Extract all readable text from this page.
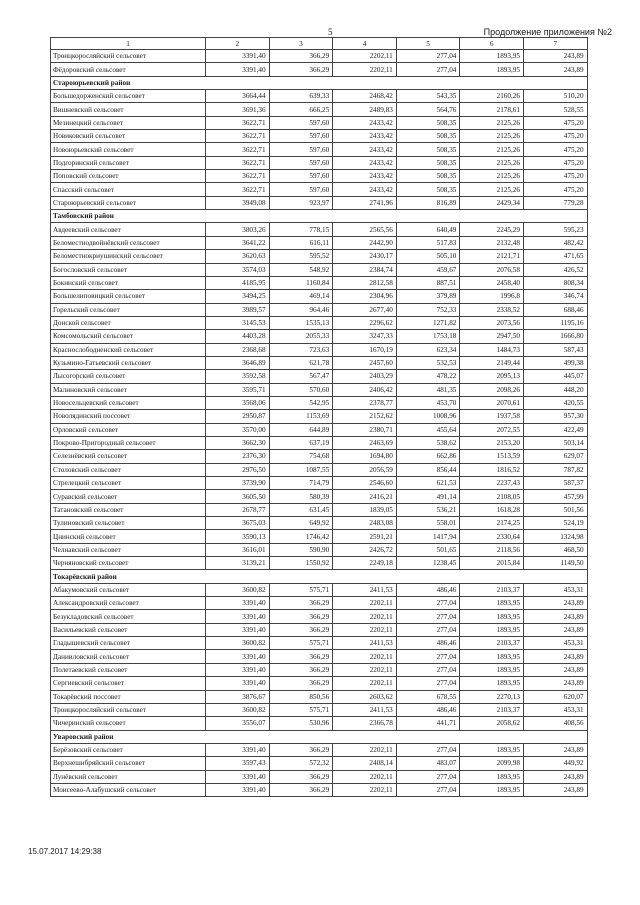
5	Продолжение приложения №2
1	2	3	4	5	6	7
Троицкоросляйский сельсовет	3391,40	366,29	2202,11	277,04	1893,95	243,89
Фёдоровский сельсовет	3391,40	366,29	2202,11	277,04	1893,95	243,89
Староюрьевский район						
Большедорженский сельсовет	3664,44	639,33	2468,42	543,35	2160,26	510,20
Вишневский сельсовет	3691,36	666,25	2489,83	564,76	2178,61	528,55
Мезинецкий сельсовет	3622,71	597,60	2433,42	508,35	2125,26	475,20
Новиковский сельсовет	3622,71	597,60	2433,42	508,35	2125,26	475,20
Новоюрьевский сельсовет	3622,71	597,60	2433,42	508,35	2125,26	475,20
Подгоринский сельсовет	3622,71	597,60	2433,42	508,35	2125,26	475,20
Поповский сельсовет	3622,71	597,60	2433,42	508,35	2125,26	475,20
Спасский сельсовет	3622,71	597,60	2433,42	508,35	2125,26	475,20
Староюрьевский сельсовет	3949,08	923,97	2741,96	816,89	2429,34	779,28
Тамбовский район						
Авдеевский сельсовет	3803,26	778,15	2565,56	640,49	2245,29	595,23
Беломестнодвойнёвский сельсовет	3641,22	616,11	2442,90	517,83	2132,48	482,42
Беломестнокриушинский сельсовет	3620,63	595,52	2430,17	505,10	2121,71	471,65
Богословский сельсовет	3574,03	548,92	2384,74	459,67	2076,58	426,52
Бокинский сельсовет	4185,95	1160,84	2812,58	887,51	2458,40	808,34
Большелиповицкий сельсовет	3494,25	469,14	2304,96	379,89	1996,8	346,74
Горельский сельсовет	3989,57	964,46	2677,40	752,33	2338,52	688,46
Донской сельсовет	3145,53	1535,13	2296,62	1271,82	2073,56	1195,16
Комсомольский сельсовет	4403,28	2055,33	3247,33	1753,18	2947,50	1666,80
Краснослободненский сельсовет	2368,68	723,63	1670,19	623,34	1484,73	587,43
Кузьмино-Гатьевский сельсовет	3646,89	621,78	2457,60	532,53	2149,44	499,38
Лысогорский сельсовет	3592,58	567,47	2403,29	478,22	2095,13	445,07
Малиновский сельсовет	3595,71	570,60	2406,42	481,35	2098,26	448,20
Новосельцевский сельсовет	3568,06	542,95	2378,77	453,70	2070,61	420,55
Новолядинский поссовет	2950,87	1153,69	2152,62	1008,96	1937,58	957,30
Орловский сельсовет	3570,00	644,89	2380,71	455,64	2072,55	422,49
Покрово-Пригородный сельсовет	3662,30	637,19	2463,69	538,62	2153,20	503,14
Селезнёвский сельсовет	2376,30	754,68	1694,80	662,86	1513,59	629,07
Столовский сельсовет	2976,50	1087,55	2056,59	856,44	1816,52	787,82
Стрелецкий сельсовет	3739,90	714,79	2546,60	621,53	2237,43	587,37
Суравский сельсовет	3605,50	580,39	2416,21	491,14	2108,05	457,99
Татановский сельсовет	2678,77	631,45	1839,05	536,21	1618,28	501,56
Тулиновский сельсовет	3675,03	649,92	2483,08	558,01	2174,25	524,19
Цнинский сельсовет	3590,13	1746,42	2591,21	1417,94	2330,64	1324,98
Челнавский сельсовет	3616,01	590,90	2426,72	501,65	2118,56	468,50
Черняновский сельсовет	3139,21	1550,92	2249,18	1238,45	2015,84	1149,50
Токарёвский район						
Абакумовский сельсовет	3600,82	575,71	2411,53	486,46	2103,37	453,31
Александровский сельсовет	3391,40	366,29	2202,11	277,04	1893,95	243,89
Безукладовский сельсовет	3391,40	366,29	2202,11	277,04	1893,95	243,89
Васильевский сельсовет	3391,40	366,29	2202,11	277,04	1893,95	243,89
Гладышевский сельсовет	3600,82	575,71	2411,53	486,46	2103,37	453,31
Данииловский сельсовет	3391,40	366,29	2202,11	277,04	1893,95	243,89
Полетаевский сельсовет	3391,40	366,29	2202,11	277,04	1893,95	243,89
Сергиевский сельсовет	3391,40	366,29	2202,11	277,04	1893,95	243,89
Токарёвский поссовет	3876,67	850,56	2603,62	678,55	2270,13	620,07
Троицкоросляйский сельсовет	3600,82	575,71	2411,53	486,46	2103,37	453,31
Чичеринский сельсовет	3556,07	530,96	2366,78	441,71	2058,62	408,56
Уваровский район						
Берёзовский сельсовет	3391,40	366,29	2202,11	277,04	1893,95	243,89
Верхнешибряйский сельсовет	3597,43	572,32	2408,14	483,07	2099,98	449,92
Лунёвский сельсовет	3391,40	366,29	2202,11	277,04	1893,95	243,89
Моисеево-Алабушский сельсовет	3391,40	366,29	2202,11	277,04	1893,95	243,89
15.07.2017 14:29:38
